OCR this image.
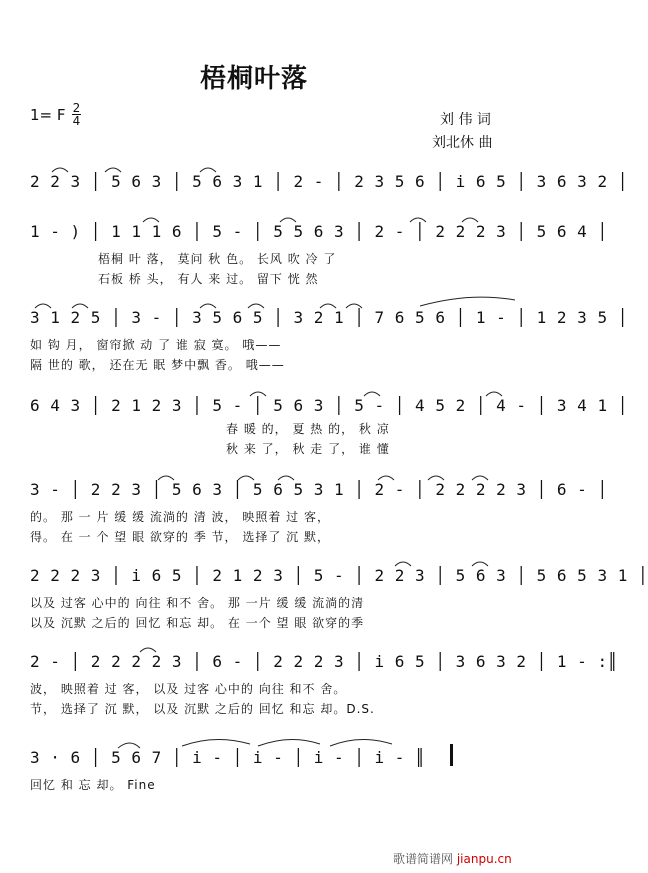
梧桐叶落
1= F 2
4	刘 伟 词
刘北休 曲
2 2 3 │ 5 6 3 │ 5 6 3 1 │ 2 - │ 2 3 5 6 │ i 6 5 │ 3 6 3 2 │
1 - ) │ 1 1 1 6 │ 5 - │ 5 5 6 3 │ 2 - │ 2 2 2 3 │ 5 6 4 │
梧桐 叶 落， 莫问 秋 色。 长风 吹 冷 了
石板 桥 头， 有人 来 过。 留下 恍 然
3 1 2 5 │ 3 - │ 3 5 6 5 │ 3 2 1 │ 7 6 5 6 │ 1 - │ 1 2 3 5 │
如 钩 月， 窗帘掀 动 了 谁 寂 寞。 哦——
隔 世的 歌， 还在无 眠 梦中飘 香。 哦——
6 4 3 │ 2 1 2 3 │ 5 - │ 5 6 3 │ 5 - │ 4 5 2 │ 4 - │ 3 4 1 │
春 暖 的， 夏 热 的， 秋 凉
秋 来 了， 秋 走 了， 谁 懂
3 - │ 2 2 3 │ 5 6 3 │ 5 6 5 3 1 │ 2 - │ 2 2 2 2 3 │ 6 - │
的。 那 一 片 缓 缓 流淌的 清 波， 映照着 过 客，
得。 在 一 个 望 眼 欲穿的 季 节， 选择了 沉 默，
2 2 2 3 │ i 6 5 │ 2 1 2 3 │ 5 - │ 2 2 3 │ 5 6 3 │ 5 6 5 3 1 │
以及 过客 心中的 向往 和不 舍。 那 一片 缓 缓 流淌的清
以及 沉默 之后的 回忆 和忘 却。 在 一个 望 眼 欲穿的季
2 - │ 2 2 2 2 3 │ 6 - │ 2 2 2 3 │ i 6 5 │ 3 6 3 2 │ 1 - :║
波， 映照着 过 客， 以及 过客 心中的 向往 和不 舍。
节， 选择了 沉 默， 以及 沉默 之后的 回忆 和忘 却。D.S.
3 · 6 │ 5 6 7 │ i - │ i - │ i - │ i - ║
回忆 和 忘 却。 Fine
歌谱简谱网 jianpu.cn
